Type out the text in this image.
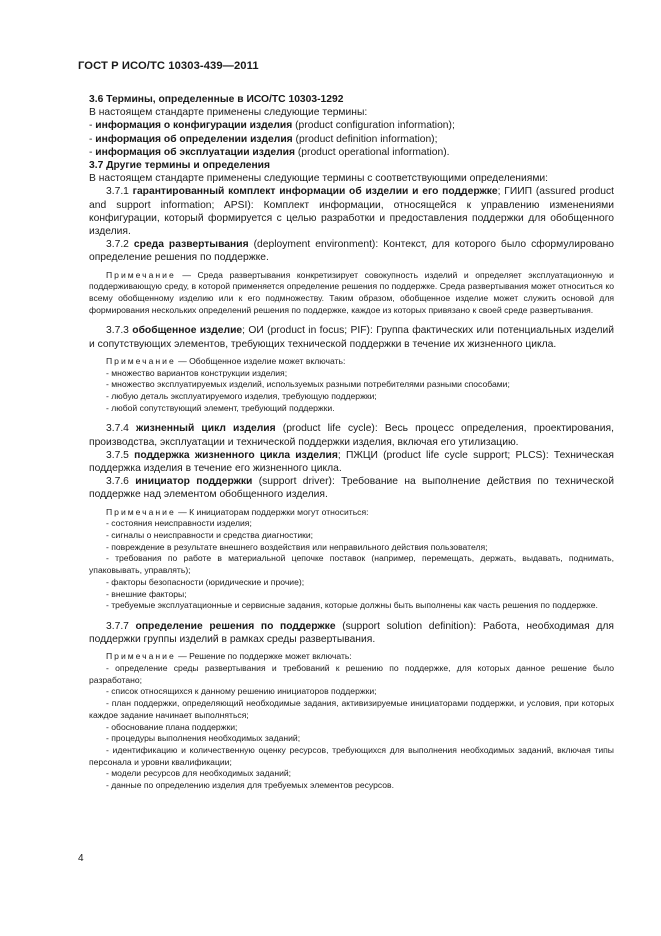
ГОСТ Р ИСО/ТС 10303-439—2011

3.6 Термины, определенные в ИСО/ТС 10303-1292

В настоящем стандарте применены следующие термины:

- информация о конфигурации изделия (product configuration information);

- информация об определении изделия (product definition information);

- информация об эксплуатации изделия (product operational information).

3.7 Другие термины и определения

В настоящем стандарте применены следующие термины с соответствующими определениями:

3.7.1 гарантированный комплект информации об изделии и его поддержке; ГИИП (assured product and support information; APSI): Комплект информации, относящейся к управлению изменениями конфигурации, который формируется с целью разработки и предоставления поддержки для обобщенного изделия.

3.7.2 среда развертывания (deployment environment): Контекст, для которого было сформулировано определение решения по поддержке.

Примечание — Среда развертывания конкретизирует совокупность изделий и определяет эксплуатационную и поддерживающую среду, в которой применяется определение решения по поддержке. Среда развертывания может относиться ко всему обобщенному изделию или к его подмножеству. Таким образом, обобщенное изделие может служить основой для формирования нескольких определений решения по поддержке, каждое из которых привязано к своей среде развертывания.

3.7.3 обобщенное изделие; ОИ (product in focus; PIF): Группа фактических или потенциальных изделий и сопутствующих элементов, требующих технической поддержки в течение их жизненного цикла.

Примечание — Обобщенное изделие может включать:

- множество вариантов конструкции изделия;

- множество эксплуатируемых изделий, используемых разными потребителями разными способами;

- любую деталь эксплуатируемого изделия, требующую поддержки;

- любой сопутствующий элемент, требующий поддержки.

3.7.4 жизненный цикл изделия (product life cycle): Весь процесс определения, проектирования, производства, эксплуатации и технической поддержки изделия, включая его утилизацию.

3.7.5 поддержка жизненного цикла изделия; ПЖЦИ (product life cycle support; PLCS): Техническая поддержка изделия в течение его жизненного цикла.

3.7.6 инициатор поддержки (support driver): Требование на выполнение действия по технической поддержке над элементом обобщенного изделия.

Примечание — К инициаторам поддержки могут относиться:

- состояния неисправности изделия;

- сигналы о неисправности и средства диагностики;

- повреждение в результате внешнего воздействия или неправильного действия пользователя;

- требования по работе в материальной цепочке поставок (например, перемещать, держать, выдавать, поднимать, упаковывать, управлять);

- факторы безопасности (юридические и прочие);

- внешние факторы;

- требуемые эксплуатационные и сервисные задания, которые должны быть выполнены как часть решения по поддержке.

3.7.7 определение решения по поддержке (support solution definition): Работа, необходимая для поддержки группы изделий в рамках среды развертывания.

Примечание — Решение по поддержке может включать:

- определение среды развертывания и требований к решению по поддержке, для которых данное решение было разработано;

- список относящихся к данному решению инициаторов поддержки;

- план поддержки, определяющий необходимые задания, активизируемые инициаторами поддержки, и условия, при которых каждое задание начинает выполняться;

- обоснование плана поддержки;

- процедуры выполнения необходимых заданий;

- идентификацию и количественную оценку ресурсов, требующихся для выполнения необходимых заданий, включая типы персонала и уровни квалификации;

- модели ресурсов для необходимых заданий;

- данные по определению изделия для требуемых элементов ресурсов.

4
